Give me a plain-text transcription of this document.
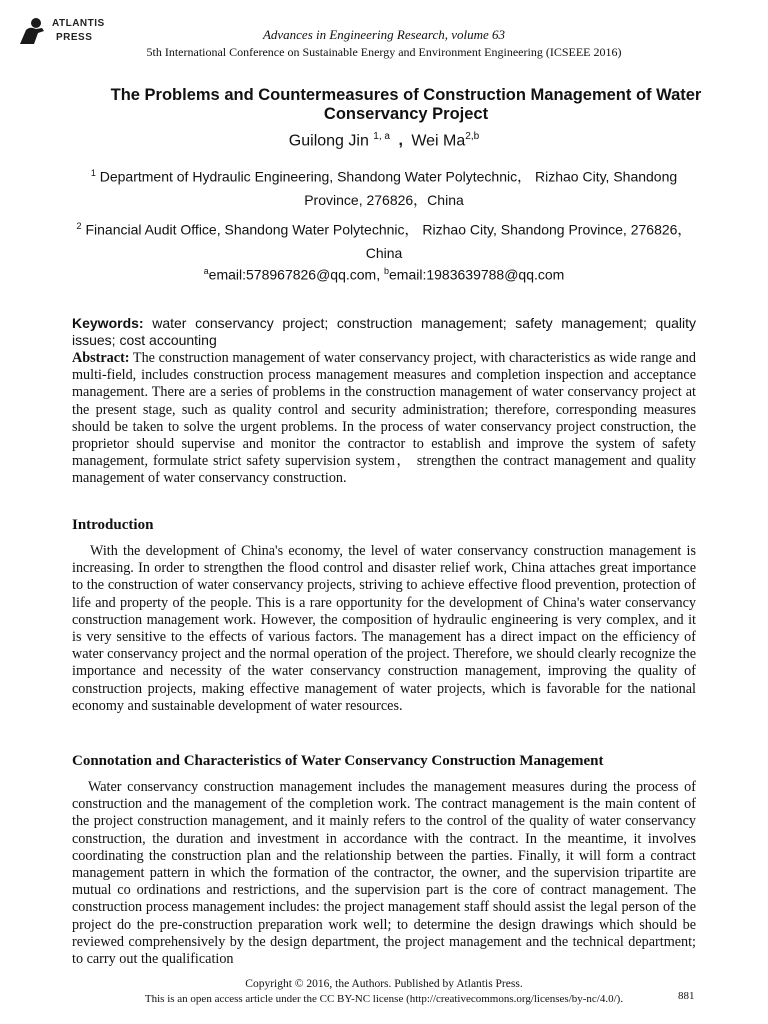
ATLANTIS
PRESS	Advances in Engineering Research, volume 63
5th International Conference on Sustainable Energy and Environment Engineering (ICSEEE 2016)
The Problems and Countermeasures of Construction Management of Water Conservancy Project
Guilong Jin $^{1, a}$ , Wei Ma$^{2,b}$
$^1$ Department of Hydraulic Engineering, Shandong Water Polytechnic， Rizhao City, Shandong Province, 276826，China
$^2$ Financial Audit Office, Shandong Water Polytechnic， Rizhao City, Shandong Province, 276826，China
$^a$email:578967826@qq.com, $^b$email:1983639788@qq.com
Keywords: water conservancy project; construction management; safety management; quality issues; cost accounting
Abstract: The construction management of water conservancy project, with characteristics as wide range and multi-field, includes construction process management measures and completion inspection and acceptance management. There are a series of problems in the construction management of water conservancy project at the present stage, such as quality control and security administration; therefore, corresponding measures should be taken to solve the urgent problems. In the process of water conservancy project construction, the proprietor should supervise and monitor the contractor to establish and improve the system of safety management, formulate strict safety supervision system， strengthen the contract management and quality management of water conservancy construction.
Introduction
With the development of China's economy, the level of water conservancy construction management is increasing. In order to strengthen the flood control and disaster relief work, China attaches great importance to the construction of water conservancy projects, striving to achieve effective flood prevention, protection of life and property of the people. This is a rare opportunity for the development of China's water conservancy construction management work. However, the composition of hydraulic engineering is very complex, and it is very sensitive to the effects of various factors. The management has a direct impact on the efficiency of water conservancy project and the normal operation of the project. Therefore, we should clearly recognize the importance and necessity of the water conservancy construction management, improving the quality of construction projects, making effective management of water projects, which is favorable for the national economy and sustainable development of water resources.
Connotation and Characteristics of Water Conservancy Construction Management
Water conservancy construction management includes the management measures during the process of construction and the management of the completion work. The contract management is the main content of the project construction management, and it mainly refers to the control of the quality of water conservancy construction, the duration and investment in accordance with the contract. In the meantime, it involves coordinating the construction plan and the relationship between the parties. Finally, it will form a contract management pattern in which the formation of the contractor, the owner, and the supervision tripartite are mutual co ordinations and restrictions, and the supervision part is the core of contract management. The construction process management includes: the project management staff should assist the legal person of the project do the pre-construction preparation work well; to determine the design drawings which should be reviewed comprehensively by the design department, the project management and the technical department; to carry out the qualification
Copyright © 2016, the Authors. Published by Atlantis Press.
This is an open access article under the CC BY-NC license (http://creativecommons.org/licenses/by-nc/4.0/).	881
